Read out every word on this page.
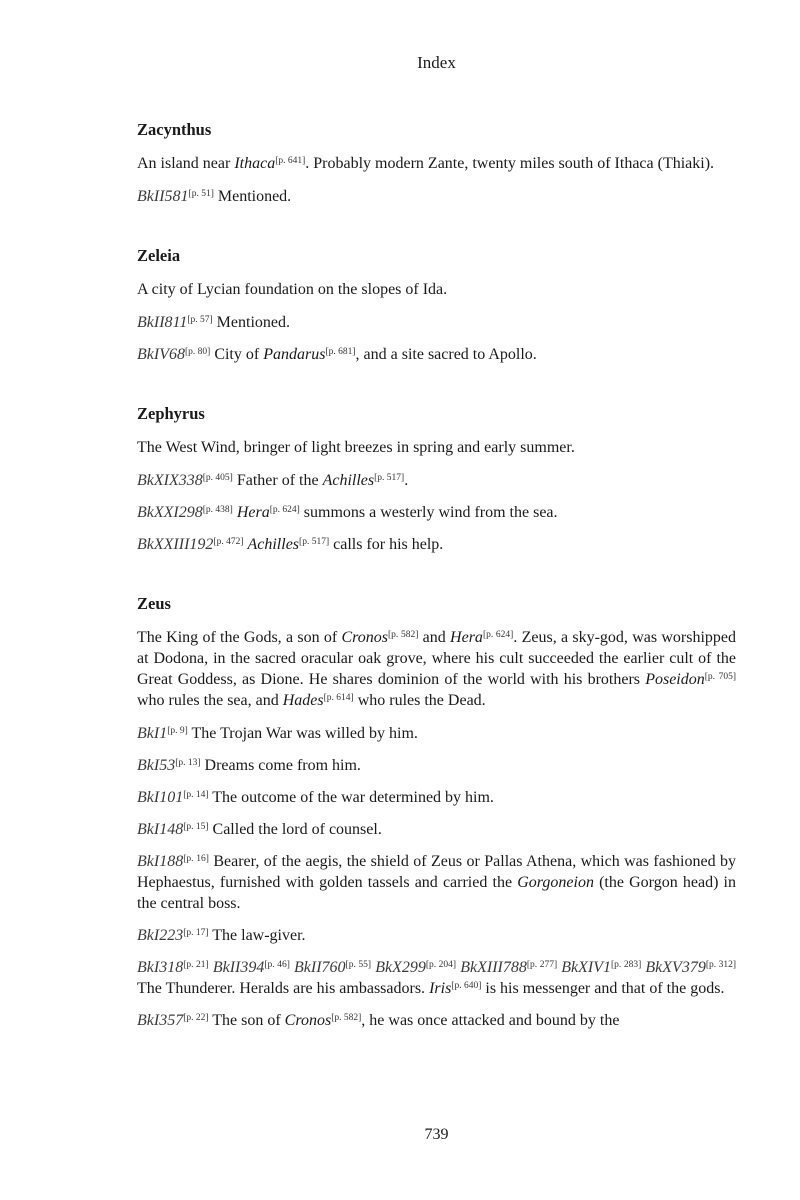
Index
Zacynthus

An island near Ithaca[p. 641]. Probably modern Zante, twenty miles south of Ithaca (Thiaki).

BkII581[p. 51] Mentioned.

Zeleia

A city of Lycian foundation on the slopes of Ida.

BkII811[p. 57] Mentioned.

BkIV68[p. 80] City of Pandarus[p. 681], and a site sacred to Apollo.

Zephyrus

The West Wind, bringer of light breezes in spring and early summer.

BkXIX338[p. 405] Father of the Achilles[p. 517].

BkXXI298[p. 438] Hera[p. 624] summons a westerly wind from the sea.

BkXXIII192[p. 472] Achilles[p. 517] calls for his help.

Zeus

The King of the Gods, a son of Cronos[p. 582] and Hera[p. 624]. Zeus, a sky-god, was worshipped at Dodona, in the sacred oracular oak grove, where his cult succeeded the earlier cult of the Great Goddess, as Dione. He shares dominion of the world with his brothers Poseidon[p. 705] who rules the sea, and Hades[p. 614] who rules the Dead.

BkI1[p. 9] The Trojan War was willed by him.

BkI53[p. 13] Dreams come from him.

BkI101[p. 14] The outcome of the war determined by him.

BkI148[p. 15] Called the lord of counsel.

BkI188[p. 16] Bearer, of the aegis, the shield of Zeus or Pallas Athena, which was fashioned by Hephaestus, furnished with golden tassels and carried the Gorgoneion (the Gorgon head) in the central boss.

BkI223[p. 17] The law-giver.

BkI318[p. 21] BkII394[p. 46] BkII760[p. 55] BkX299[p. 204] BkXIII788[p. 277] BkXIV1[p. 283] BkXV379[p. 312] The Thunderer. Heralds are his ambassadors. Iris[p. 640] is his messenger and that of the gods.

BkI357[p. 22] The son of Cronos[p. 582], he was once attacked and bound by the

739
